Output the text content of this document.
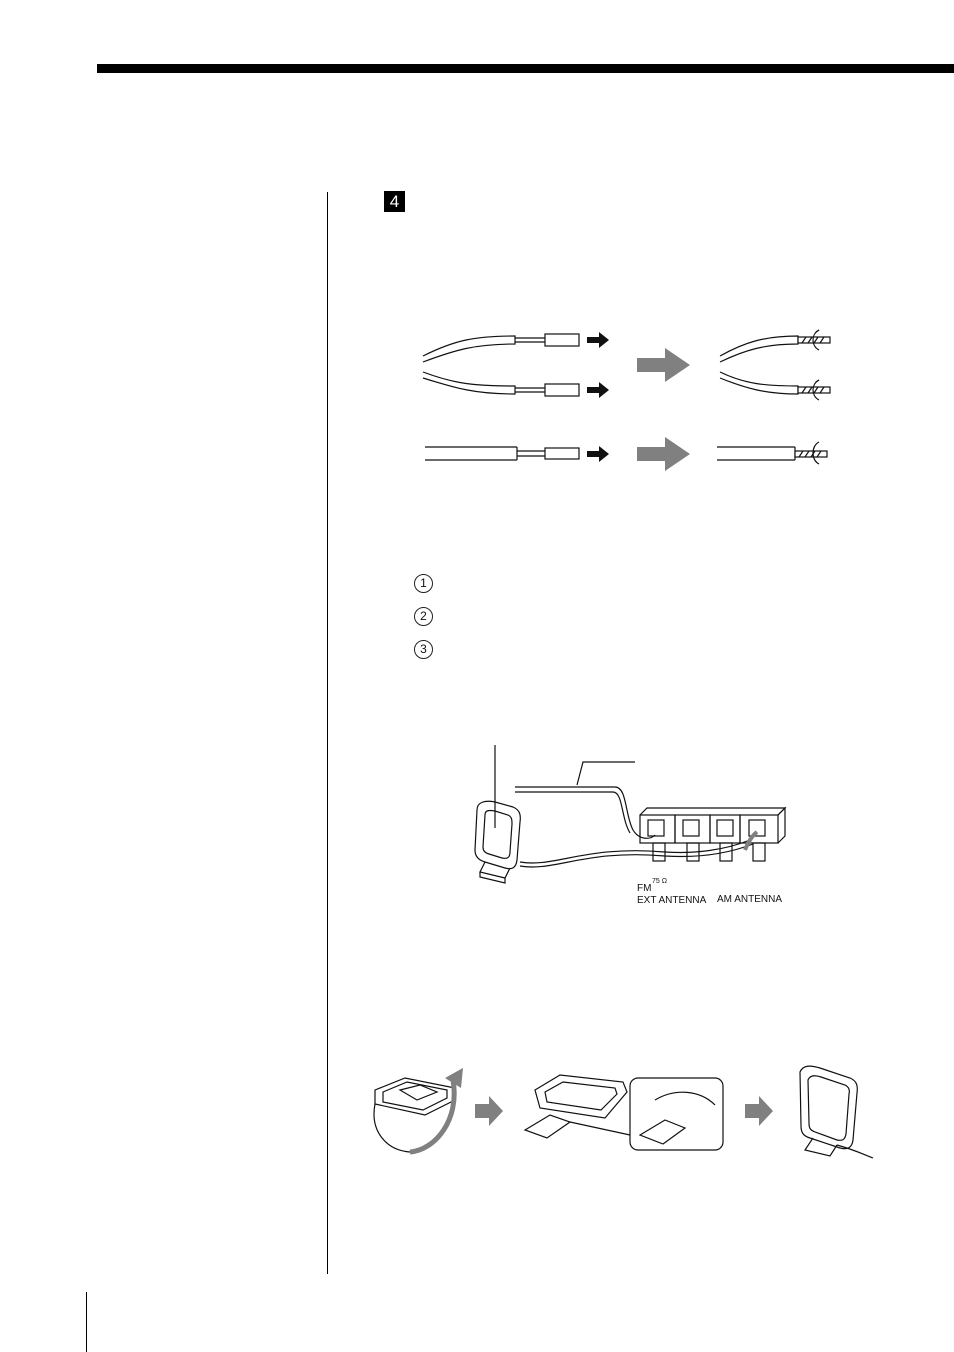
4
1
2
3
75 Ω
FM
EXT ANTENNA AM ANTENNA
